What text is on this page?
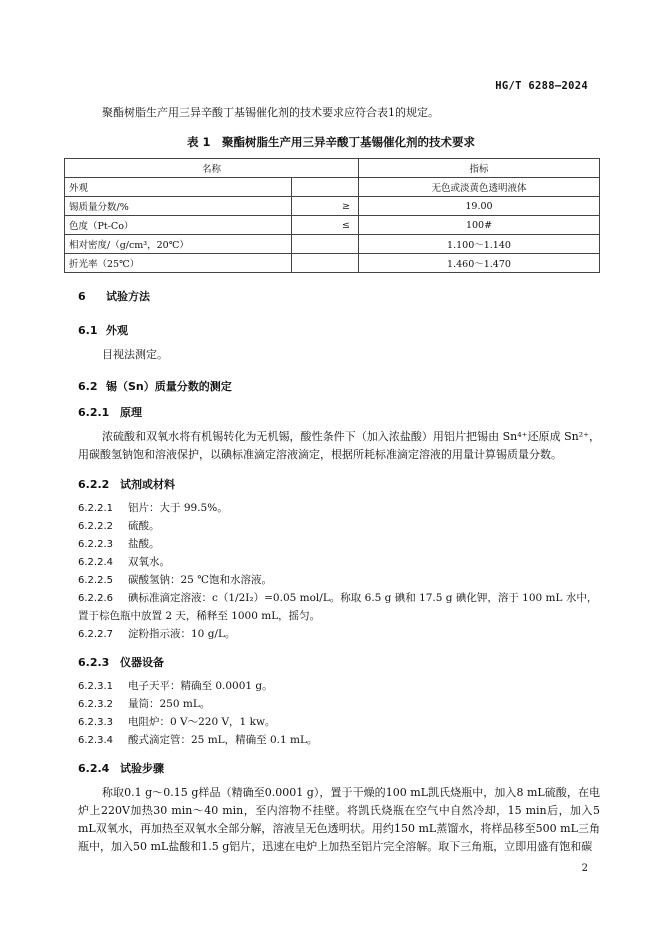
HG/T 6288—2024
聚酯树脂生产用三异辛酸丁基锡催化剂的技术要求应符合表1的规定。
表 1　聚酯树脂生产用三异辛酸丁基锡催化剂的技术要求
名称		指标
外观		无色或淡黄色透明液体
锡质量分数/%	≥	19.00
色度（Pt-Co）	≤	100#
相对密度/（g/cm³，20℃）		1.100～1.140
折光率（25℃）		1.460～1.470
6 试验方法
6.1 外观
目视法测定。
6.2 锡（Sn）质量分数的测定
6.2.1 原理
浓硫酸和双氧水将有机锡转化为无机锡，酸性条件下（加入浓盐酸）用铝片把锡由 Sn⁴⁺还原成 Sn²⁺，用碳酸氢钠饱和溶液保护，以碘标准滴定溶液滴定，根据所耗标准滴定溶液的用量计算锡质量分数。
6.2.2 试剂或材料
6.2.2.1 铝片：大于 99.5%。
6.2.2.2 硫酸。
6.2.2.3 盐酸。
6.2.2.4 双氧水。
6.2.2.5 碳酸氢钠：25 ℃饱和水溶液。
6.2.2.6 碘标准滴定溶液：c（1/2I₂）=0.05 mol/L。称取 6.5 g 碘和 17.5 g 碘化钾，溶于 100 mL 水中，
置于棕色瓶中放置 2 天，稀释至 1000 mL，摇匀。
6.2.2.7 淀粉指示液：10 g/L。
6.2.3 仪器设备
6.2.3.1 电子天平：精确至 0.0001 g。
6.2.3.2 量筒：250 mL。
6.2.3.3 电阻炉：0 V～220 V，1 kw。
6.2.3.4 酸式滴定管：25 mL，精确至 0.1 mL。
6.2.4 试验步骤
称取0.1 g～0.15 g样品（精确至0.0001 g），置于干燥的100 mL凯氏烧瓶中，加入8 mL硫酸，在电炉上220V加热30 min～40 min，至内溶物不挂壁。将凯氏烧瓶在空气中自然冷却，15 min后，加入5 mL双氧水，再加热至双氧水全部分解，溶液呈无色透明状。用约150 mL蒸馏水，将样品移至500 mL三角瓶中，加入50 mL盐酸和1.5 g铝片，迅速在电炉上加热至铝片完全溶解。取下三角瓶，立即用盛有饱和碳
2
